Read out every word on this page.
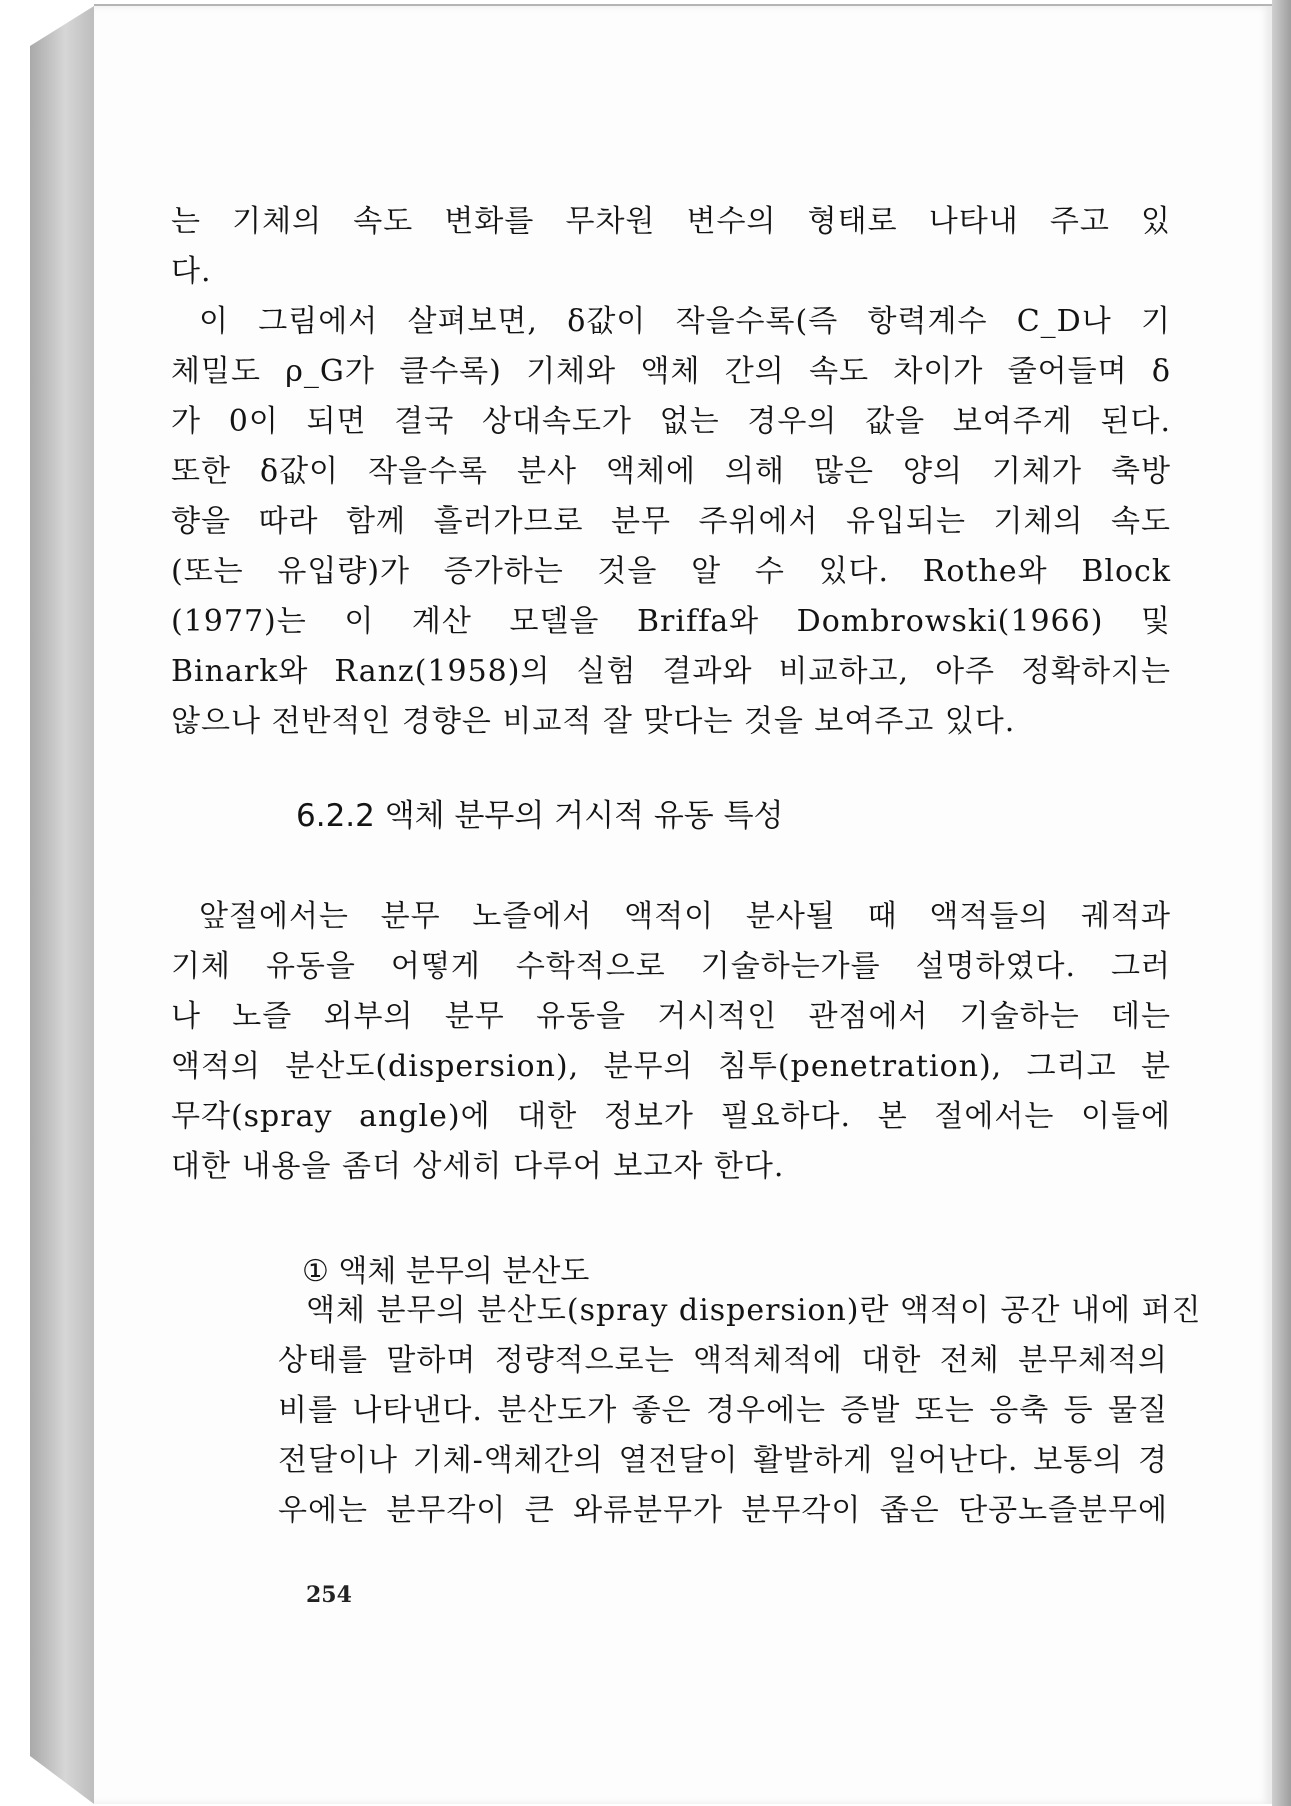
는 기체의 속도 변화를 무차원 변수의 형태로 나타내 주고 있
다.
이 그림에서 살펴보면, δ값이 작을수록(즉 항력계수 C_D나 기
체밀도 ρ_G가 클수록) 기체와 액체 간의 속도 차이가 줄어들며 δ
가 0이 되면 결국 상대속도가 없는 경우의 값을 보여주게 된다.
또한 δ값이 작을수록 분사 액체에 의해 많은 양의 기체가 축방
향을 따라 함께 흘러가므로 분무 주위에서 유입되는 기체의 속도
(또는 유입량)가 증가하는 것을 알 수 있다. Rothe와 Block
(1977)는 이 계산 모델을 Briffa와 Dombrowski(1966) 및
Binark와 Ranz(1958)의 실험 결과와 비교하고, 아주 정확하지는
않으나 전반적인 경향은 비교적 잘 맞다는 것을 보여주고 있다.
6.2.2 액체 분무의 거시적 유동 특성
앞절에서는 분무 노즐에서 액적이 분사될 때 액적들의 궤적과
기체 유동을 어떻게 수학적으로 기술하는가를 설명하였다. 그러
나 노즐 외부의 분무 유동을 거시적인 관점에서 기술하는 데는
액적의 분산도(dispersion), 분무의 침투(penetration), 그리고 분
무각(spray angle)에 대한 정보가 필요하다. 본 절에서는 이들에
대한 내용을 좀더 상세히 다루어 보고자 한다.
① 액체 분무의 분산도
액체 분무의 분산도(spray dispersion)란 액적이 공간 내에 퍼진
상태를 말하며 정량적으로는 액적체적에 대한 전체 분무체적의
비를 나타낸다. 분산도가 좋은 경우에는 증발 또는 응축 등 물질
전달이나 기체-액체간의 열전달이 활발하게 일어난다. 보통의 경
우에는 분무각이 큰 와류분무가 분무각이 좁은 단공노즐분무에
254
